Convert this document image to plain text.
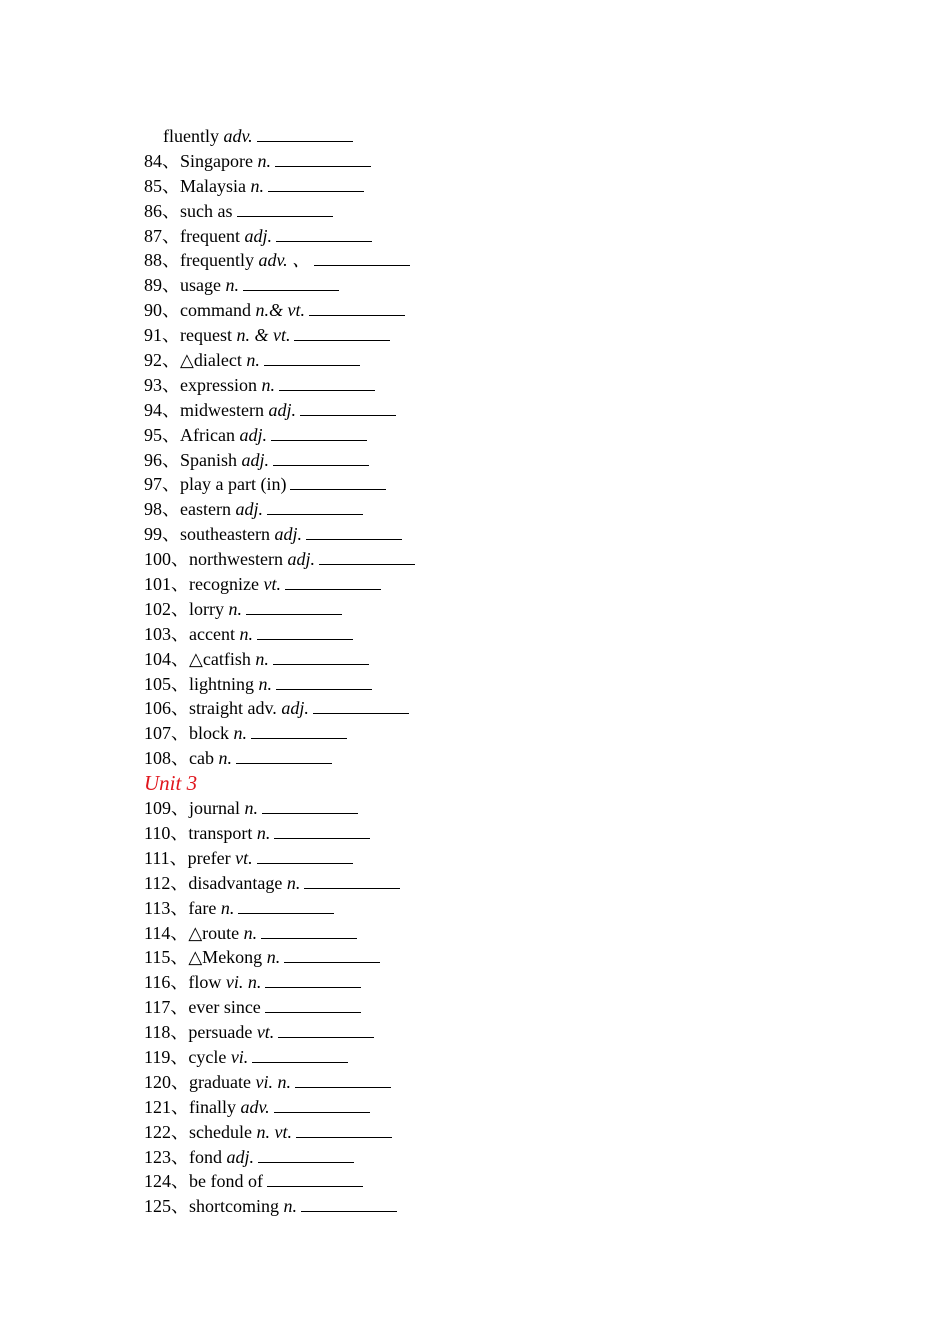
fluently adv.
84、Singapore n.
85、Malaysia n.
86、such as
87、frequent adj.
88、frequently adv. 、
89、usage n.
90、command n.& vt.
91、request n. & vt.
92、△dialect n.
93、expression n.
94、midwestern adj.
95、African adj.
96、Spanish adj.
97、play a part (in)
98、eastern adj.
99、southeastern adj.
100、northwestern adj.
101、recognize vt.
102、lorry n.
103、accent n.
104、△catfish n.
105、lightning n.
106、straight adv. adj.
107、block n.
108、cab n.
Unit 3
109、journal n.
110、transport n.
111、prefer vt.
112、disadvantage n.
113、fare n.
114、△route n.
115、△Mekong n.
116、flow vi. n.
117、ever since
118、persuade vt.
119、cycle vi.
120、graduate vi. n.
121、finally adv.
122、schedule n. vt.
123、fond adj.
124、be fond of
125、shortcoming n.
